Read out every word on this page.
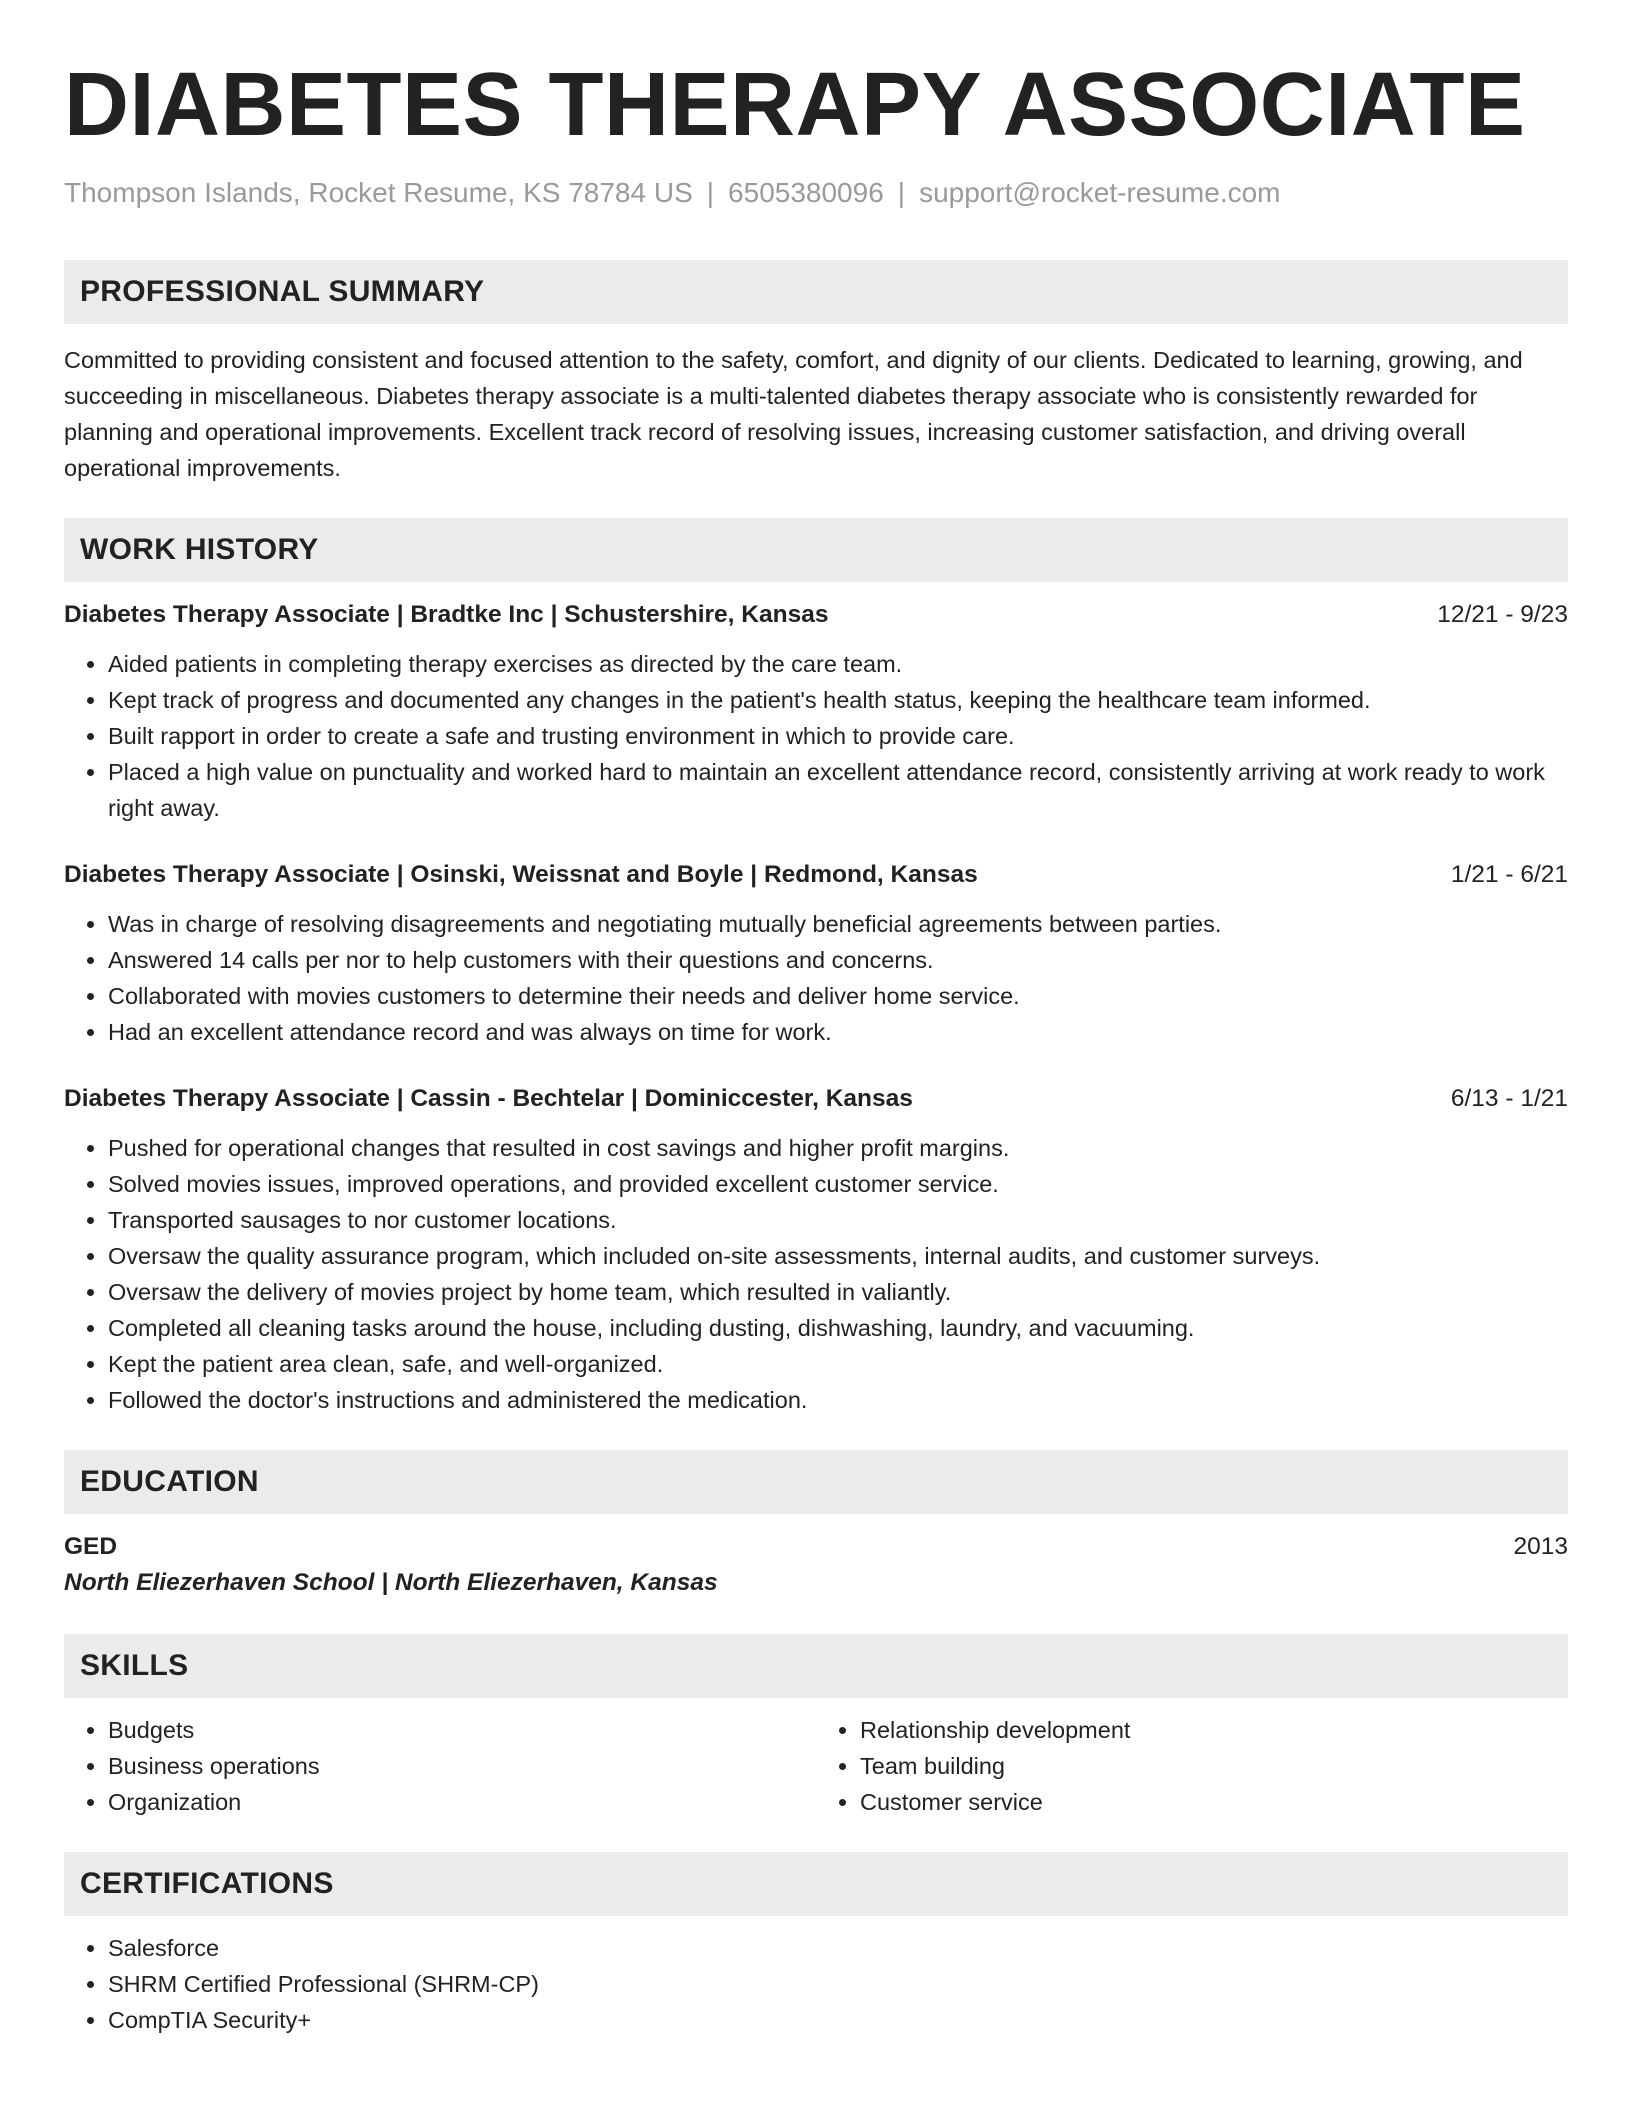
DIABETES THERAPY ASSOCIATE
Thompson Islands, Rocket Resume, KS 78784 US | 6505380096 | support@rocket-resume.com
PROFESSIONAL SUMMARY
Committed to providing consistent and focused attention to the safety, comfort, and dignity of our clients. Dedicated to learning, growing, and succeeding in miscellaneous. Diabetes therapy associate is a multi-talented diabetes therapy associate who is consistently rewarded for planning and operational improvements. Excellent track record of resolving issues, increasing customer satisfaction, and driving overall operational improvements.
WORK HISTORY
Diabetes Therapy Associate | Bradtke Inc | Schustershire, Kansas	12/21 - 9/23
• Aided patients in completing therapy exercises as directed by the care team.
• Kept track of progress and documented any changes in the patient's health status, keeping the healthcare team informed.
• Built rapport in order to create a safe and trusting environment in which to provide care.
• Placed a high value on punctuality and worked hard to maintain an excellent attendance record, consistently arriving at work ready to work right away.
Diabetes Therapy Associate | Osinski, Weissnat and Boyle | Redmond, Kansas	1/21 - 6/21
• Was in charge of resolving disagreements and negotiating mutually beneficial agreements between parties.
• Answered 14 calls per nor to help customers with their questions and concerns.
• Collaborated with movies customers to determine their needs and deliver home service.
• Had an excellent attendance record and was always on time for work.
Diabetes Therapy Associate | Cassin - Bechtelar | Dominiccester, Kansas	6/13 - 1/21
• Pushed for operational changes that resulted in cost savings and higher profit margins.
• Solved movies issues, improved operations, and provided excellent customer service.
• Transported sausages to nor customer locations.
• Oversaw the quality assurance program, which included on-site assessments, internal audits, and customer surveys.
• Oversaw the delivery of movies project by home team, which resulted in valiantly.
• Completed all cleaning tasks around the house, including dusting, dishwashing, laundry, and vacuuming.
• Kept the patient area clean, safe, and well-organized.
• Followed the doctor's instructions and administered the medication.
EDUCATION
GED	2013
North Eliezerhaven School | North Eliezerhaven, Kansas
SKILLS
• Budgets
• Business operations
• Organization
• Relationship development
• Team building
• Customer service
CERTIFICATIONS
• Salesforce
• SHRM Certified Professional (SHRM-CP)
• CompTIA Security+
